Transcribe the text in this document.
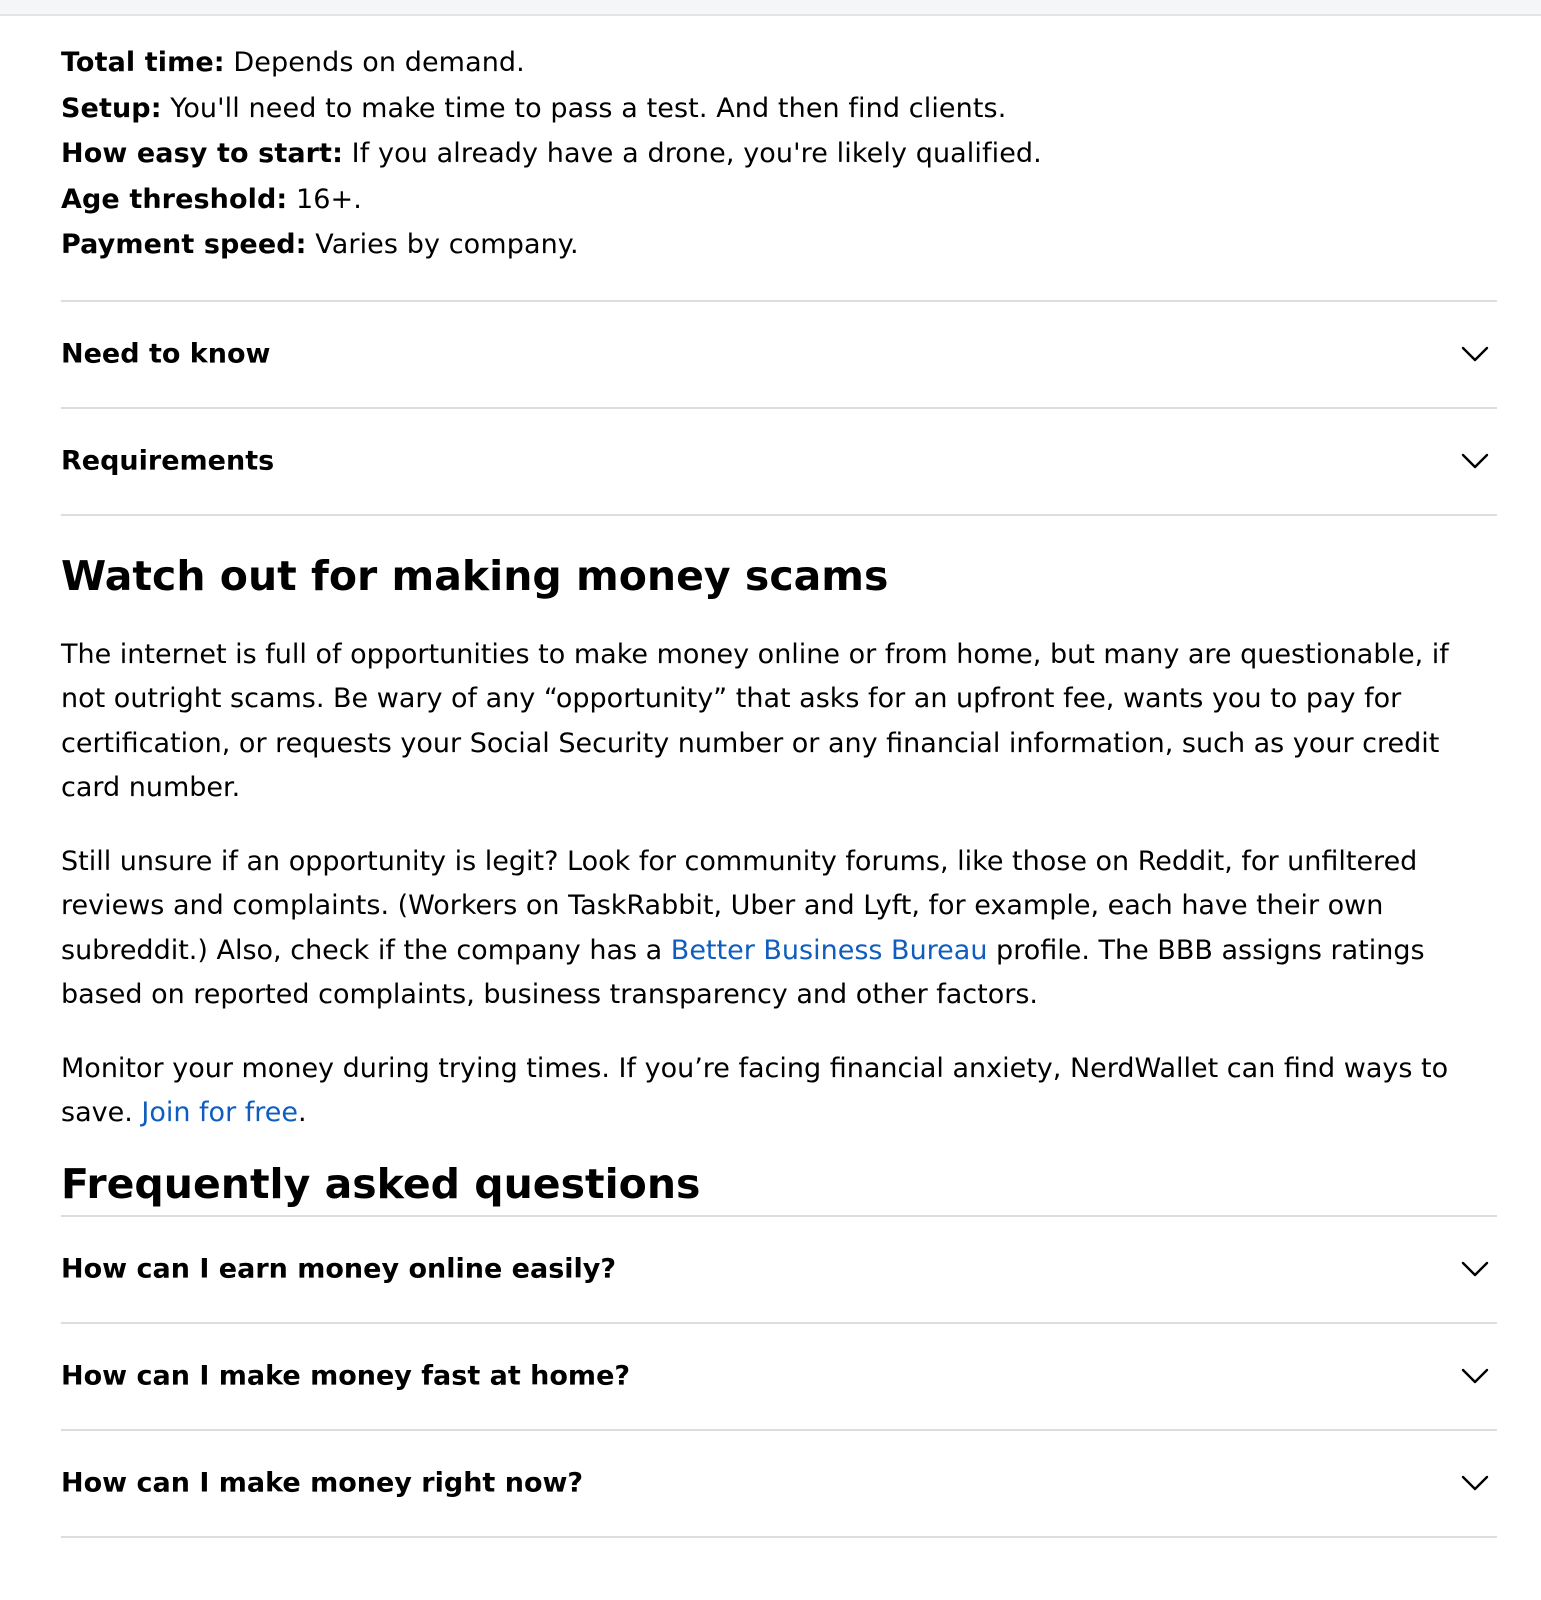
Total time: Depends on demand.
Setup: You'll need to make time to pass a test. And then find clients.
How easy to start: If you already have a drone, you're likely qualified.
Age threshold: 16+.
Payment speed: Varies by company.
Need to know
Requirements
Watch out for making money scams

The internet is full of opportunities to make money online or from home, but many are questionable, if not outright scams. Be wary of any “opportunity” that asks for an upfront fee, wants you to pay for certification, or requests your Social Security number or any financial information, such as your credit card number.

Still unsure if an opportunity is legit? Look for community forums, like those on Reddit, for unfiltered reviews and complaints. (Workers on TaskRabbit, Uber and Lyft, for example, each have their own subreddit.) Also, check if the company has a Better Business Bureau profile. The BBB assigns ratings based on reported complaints, business transparency and other factors.

Monitor your money during trying times. If you’re facing financial anxiety, NerdWallet can find ways to save. Join for free.

Frequently asked questions
How can I earn money online easily?
How can I make money fast at home?
How can I make money right now?
